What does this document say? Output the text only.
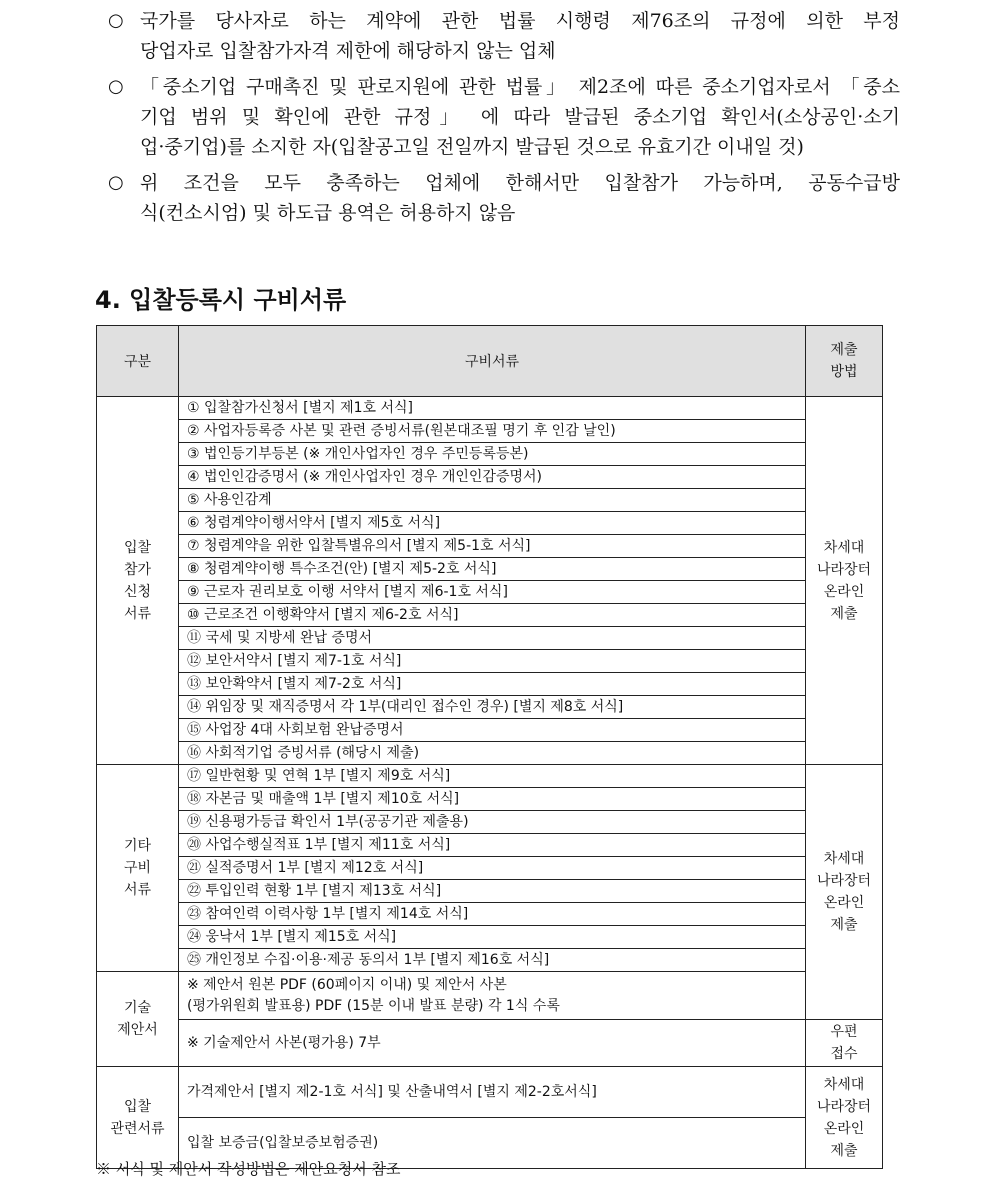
○ 국가를 당사자로 하는 계약에 관한 법률 시행령 제76조의 규정에 의한 부정
당업자로 입찰참가자격 제한에 해당하지 않는 업체
○ 「중소기업 구매촉진 및 판로지원에 관한 법률」 제2조에 따른 중소기업자로서 「중소
기업 범위 및 확인에 관한 규정」 에 따라 발급된 중소기업 확인서(소상공인·소기
업·중기업)를 소지한 자(입찰공고일 전일까지 발급된 것으로 유효기간 이내일 것)
○ 위 조건을 모두 충족하는 업체에 한해서만 입찰참가 가능하며, 공동수급방
식(컨소시엄) 및 하도급 용역은 허용하지 않음
4. 입찰등록시 구비서류
구분	구비서류	제출
방법
입찰
참가
신청
서류	① 입찰참가신청서 [별지 제1호 서식]	차세대
나라장터
온라인
제출
	② 사업자등록증 사본 및 관련 증빙서류(원본대조필 명기 후 인감 날인)	
	③ 법인등기부등본 (※ 개인사업자인 경우 주민등록등본)	
	④ 법인인감증명서 (※ 개인사업자인 경우 개인인감증명서)	
	⑤ 사용인감계	
	⑥ 청렴계약이행서약서 [별지 제5호 서식]	
	⑦ 청렴계약을 위한 입찰특별유의서 [별지 제5-1호 서식]	
	⑧ 청렴계약이행 특수조건(안) [별지 제5-2호 서식]	
	⑨ 근로자 권리보호 이행 서약서 [별지 제6-1호 서식]	
	⑩ 근로조건 이행확약서 [별지 제6-2호 서식]	
	⑪ 국세 및 지방세 완납 증명서	
	⑫ 보안서약서 [별지 제7-1호 서식]	
	⑬ 보안확약서 [별지 제7-2호 서식]	
	⑭ 위임장 및 재직증명서 각 1부(대리인 접수인 경우) [별지 제8호 서식]	
	⑮ 사업장 4대 사회보험 완납증명서	
	⑯ 사회적기업 증빙서류 (해당시 제출)	
기타
구비
서류	⑰ 일반현황 및 연혁 1부 [별지 제9호 서식]	차세대
나라장터
온라인
제출
	⑱ 자본금 및 매출액 1부 [별지 제10호 서식]	
	⑲ 신용평가등급 확인서 1부(공공기관 제출용)	
	⑳ 사업수행실적표 1부 [별지 제11호 서식]	
	㉑ 실적증명서 1부 [별지 제12호 서식]	
	㉒ 투입인력 현황 1부 [별지 제13호 서식]	
	㉓ 참여인력 이력사항 1부 [별지 제14호 서식]	
	㉔ 웅낙서 1부 [별지 제15호 서식]	
	㉕ 개인정보 수집·이용·제공 동의서 1부 [별지 제16호 서식]	
기술
제안서	※ 제안서 원본 PDF (60페이지 이내) 및 제안서 사본
(평가위원회 발표용) PDF (15분 이내 발표 분량) 각 1식 수록	
	※ 기술제안서 사본(평가용) 7부	우편
접수
입찰
관련서류	가격제안서 [별지 제2-1호 서식] 및 산출내역서 [별지 제2-2호서식]	차세대
나라장터
온라인
제출
	입찰 보증금(입찰보증보험증권)	
※ 서식 및 제안서 작성방법은 제안요청서 참조
